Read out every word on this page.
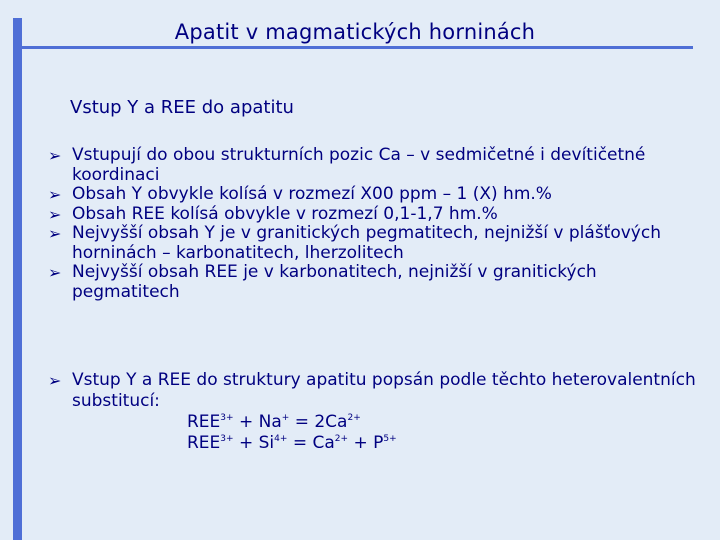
Apatit v magmatických horninách
Vstup Y a REE do apatitu
➢ Vstupují do obou strukturních pozic Ca – v sedmičetné i devítičetné koordinaci
➢ Obsah Y obvykle kolísá v rozmezí X00 ppm – 1 (X) hm.%
➢ Obsah REE kolísá obvykle v rozmezí 0,1-1,7 hm.%
➢ Nejvyšší obsah Y je v granitických pegmatitech, nejnižší v plášťových horninách – karbonatitech, lherzolitech
➢ Nejvyšší obsah REE je v karbonatitech, nejnižší v granitických pegmatitech
➢ Vstup Y a REE do struktury apatitu popsán podle těchto heterovalentních substitucí:
$REE^{3+} + Na^+ = 2Ca^{2+}$
$REE^{3+} + Si^{4+} = Ca^{2+} + P^{5+}$
